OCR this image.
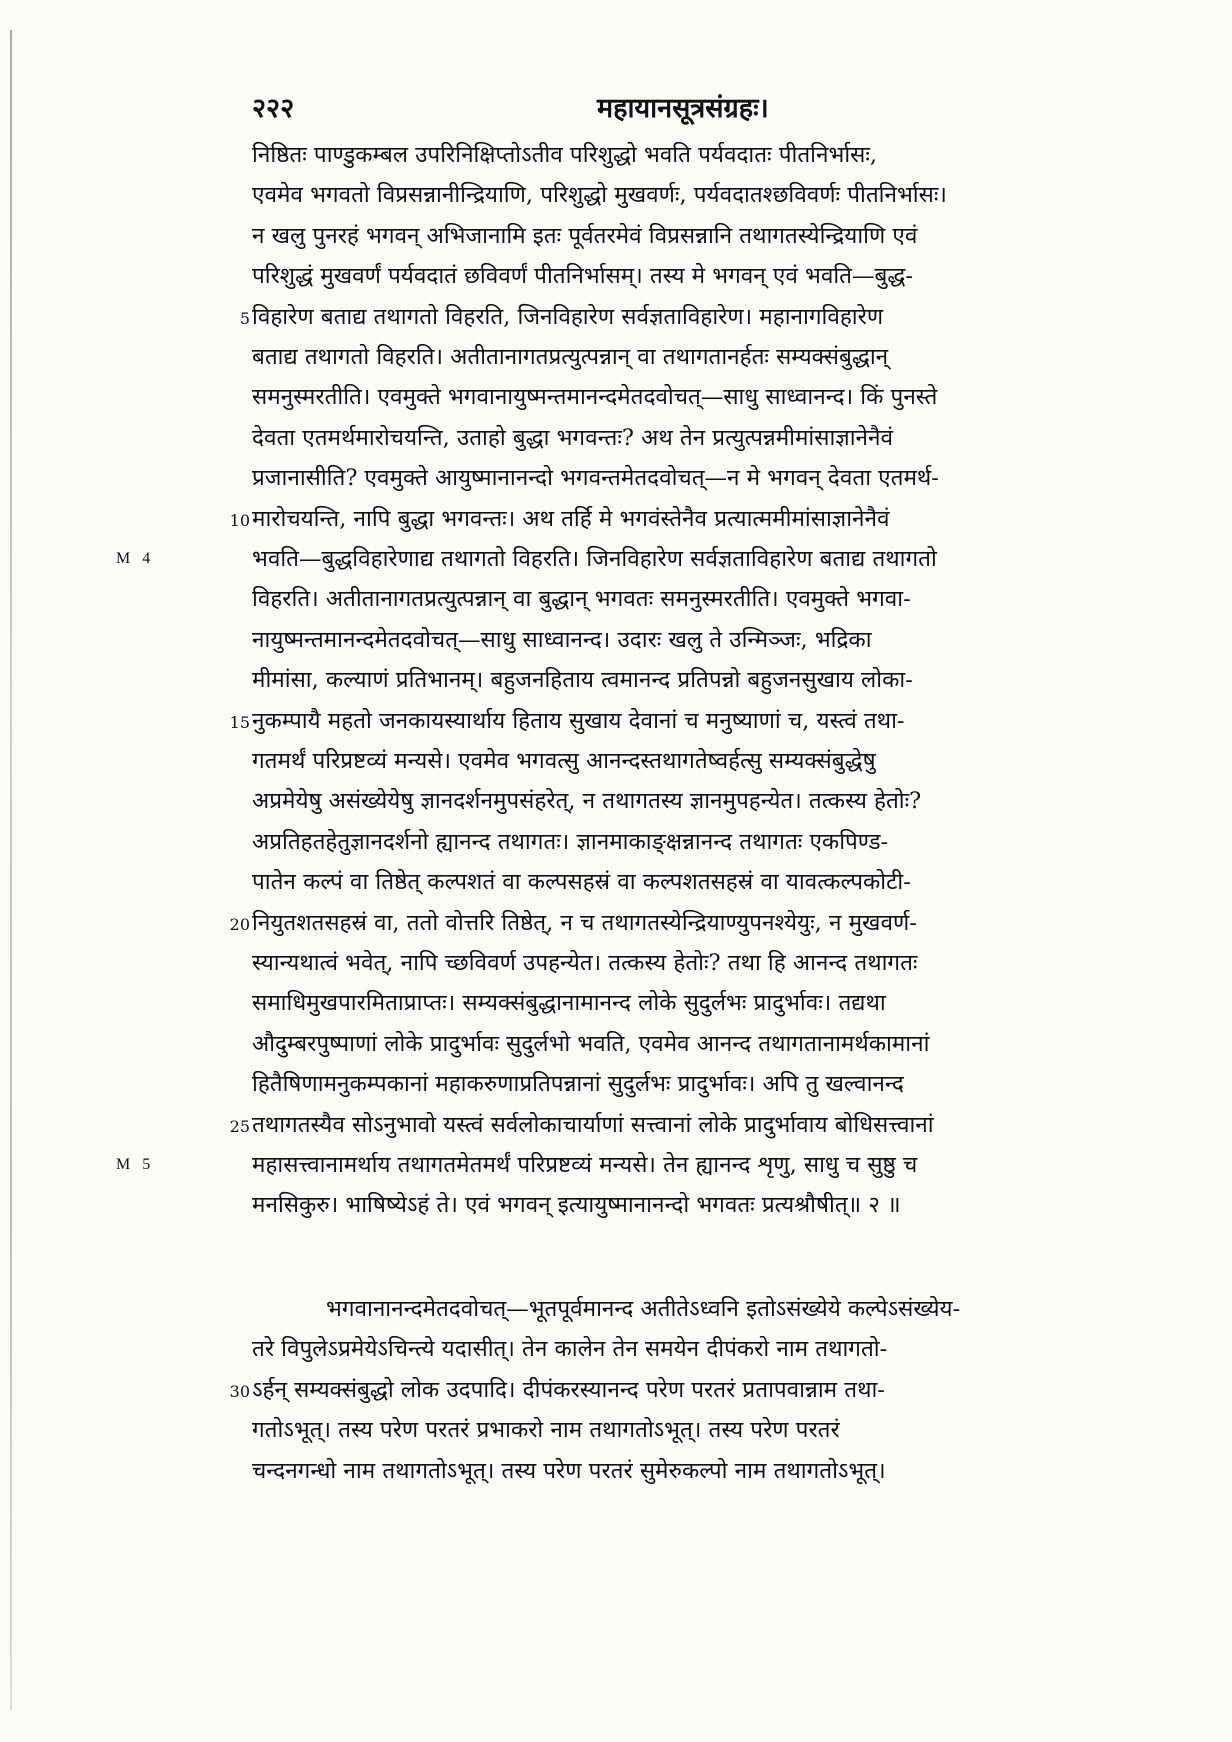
२२२	महायानसूत्रसंग्रहः।
निष्ठितः पाण्डुकम्बल उपरिनिक्षिप्तोऽतीव परिशुद्धो भवति पर्यवदातः पीतनिर्भासः,
एवमेव भगवतो विप्रसन्नानीन्द्रियाणि, परिशुद्धो मुखवर्णः, पर्यवदातश्छविवर्णः पीतनिर्भासः।
न खलु पुनरहं भगवन् अभिजानामि इतः पूर्वतरमेवं विप्रसन्नानि तथागतस्येन्द्रियाणि एवं
परिशुद्धं मुखवर्णं पर्यवदातं छविवर्णं पीतनिर्भासम्। तस्य मे भगवन् एवं भवति—बुद्ध-
विहारेण बताद्य तथागतो विहरति, जिनविहारेण सर्वज्ञताविहारेण। महानागविहारेण
5
बताद्य तथागतो विहरति। अतीतानागतप्रत्युत्पन्नान् वा तथागतानर्हतः सम्यक्संबुद्धान्
समनुस्मरतीति। एवमुक्ते भगवानायुष्मन्तमानन्दमेतदवोचत्—साधु साध्वानन्द। किं पुनस्ते
देवता एतमर्थमारोचयन्ति, उताहो बुद्धा भगवन्तः? अथ तेन प्रत्युत्पन्नमीमांसाज्ञानेनैवं
प्रजानासीति? एवमुक्ते आयुष्मानानन्दो भगवन्तमेतदवोचत्—न मे भगवन् देवता एतमर्थ-
मारोचयन्ति, नापि बुद्धा भगवन्तः। अथ तर्हि मे भगवंस्तेनैव प्रत्यात्ममीमांसाज्ञानेनैवं
10
भवति—बुद्धविहारेणाद्य तथागतो विहरति। जिनविहारेण सर्वज्ञताविहारेण बताद्य तथागतो
M 4
विहरति। अतीतानागतप्रत्युत्पन्नान् वा बुद्धान् भगवतः समनुस्मरतीति। एवमुक्ते भगवा-
नायुष्मन्तमानन्दमेतदवोचत्—साधु साध्वानन्द। उदारः खलु ते उन्मिञ्जः, भद्रिका
मीमांसा, कल्याणं प्रतिभानम्। बहुजनहिताय त्वमानन्द प्रतिपन्नो बहुजनसुखाय लोका-
नुकम्पायै महतो जनकायस्यार्थाय हिताय सुखाय देवानां च मनुष्याणां च, यस्त्वं तथा-
15
गतमर्थं परिप्रष्टव्यं मन्यसे। एवमेव भगवत्सु आनन्दस्तथागतेष्वर्हत्सु सम्यक्संबुद्धेषु
अप्रमेयेषु असंख्येयेषु ज्ञानदर्शनमुपसंहरेत्, न तथागतस्य ज्ञानमुपहन्येत। तत्कस्य हेतोः?
अप्रतिहतहेतुज्ञानदर्शनो ह्यानन्द तथागतः। ज्ञानमाकाङ्क्षन्नानन्द तथागतः एकपिण्ड-
पातेन कल्पं वा तिष्ठेत् कल्पशतं वा कल्पसहस्रं वा कल्पशतसहस्रं वा यावत्कल्पकोटी-
नियुतशतसहस्रं वा, ततो वोत्तरि तिष्ठेत्, न च तथागतस्येन्द्रियाण्युपनश्येयुः, न मुखवर्ण-
20
स्यान्यथात्वं भवेत्, नापि च्छविवर्ण उपहन्येत। तत्कस्य हेतोः? तथा हि आनन्द तथागतः
समाधिमुखपारमिताप्राप्तः। सम्यक्संबुद्धानामानन्द लोके सुदुर्लभः प्रादुर्भावः। तद्यथा
औदुम्बरपुष्पाणां लोके प्रादुर्भावः सुदुर्लभो भवति, एवमेव आनन्द तथागतानामर्थकामानां
हितैषिणामनुकम्पकानां महाकरुणाप्रतिपन्नानां सुदुर्लभः प्रादुर्भावः। अपि तु खल्वानन्द
तथागतस्यैव सोऽनुभावो यस्त्वं सर्वलोकाचार्याणां सत्त्वानां लोके प्रादुर्भावाय बोधिसत्त्वानां
25
महासत्त्वानामर्थाय तथागतमेतमर्थं परिप्रष्टव्यं मन्यसे। तेन ह्यानन्द शृणु, साधु च सुष्ठु च
M 5
मनसिकुरु। भाषिष्येऽहं ते। एवं भगवन् इत्यायुष्मानानन्दो भगवतः प्रत्यश्रौषीत्॥ २ ॥
भगवानानन्दमेतदवोचत्—भूतपूर्वमानन्द अतीतेऽध्वनि इतोऽसंख्येये कल्पेऽसंख्येय-
तरे विपुलेऽप्रमेयेऽचिन्त्ये यदासीत्। तेन कालेन तेन समयेन दीपंकरो नाम तथागतो-
ऽर्हन् सम्यक्संबुद्धो लोक उदपादि। दीपंकरस्यानन्द परेण परतरं प्रतापवान्नाम तथा-
30
गतोऽभूत्। तस्य परेण परतरं प्रभाकरो नाम तथागतोऽभूत्। तस्य परेण परतरं
चन्दनगन्धो नाम तथागतोऽभूत्। तस्य परेण परतरं सुमेरुकल्पो नाम तथागतोऽभूत्।
